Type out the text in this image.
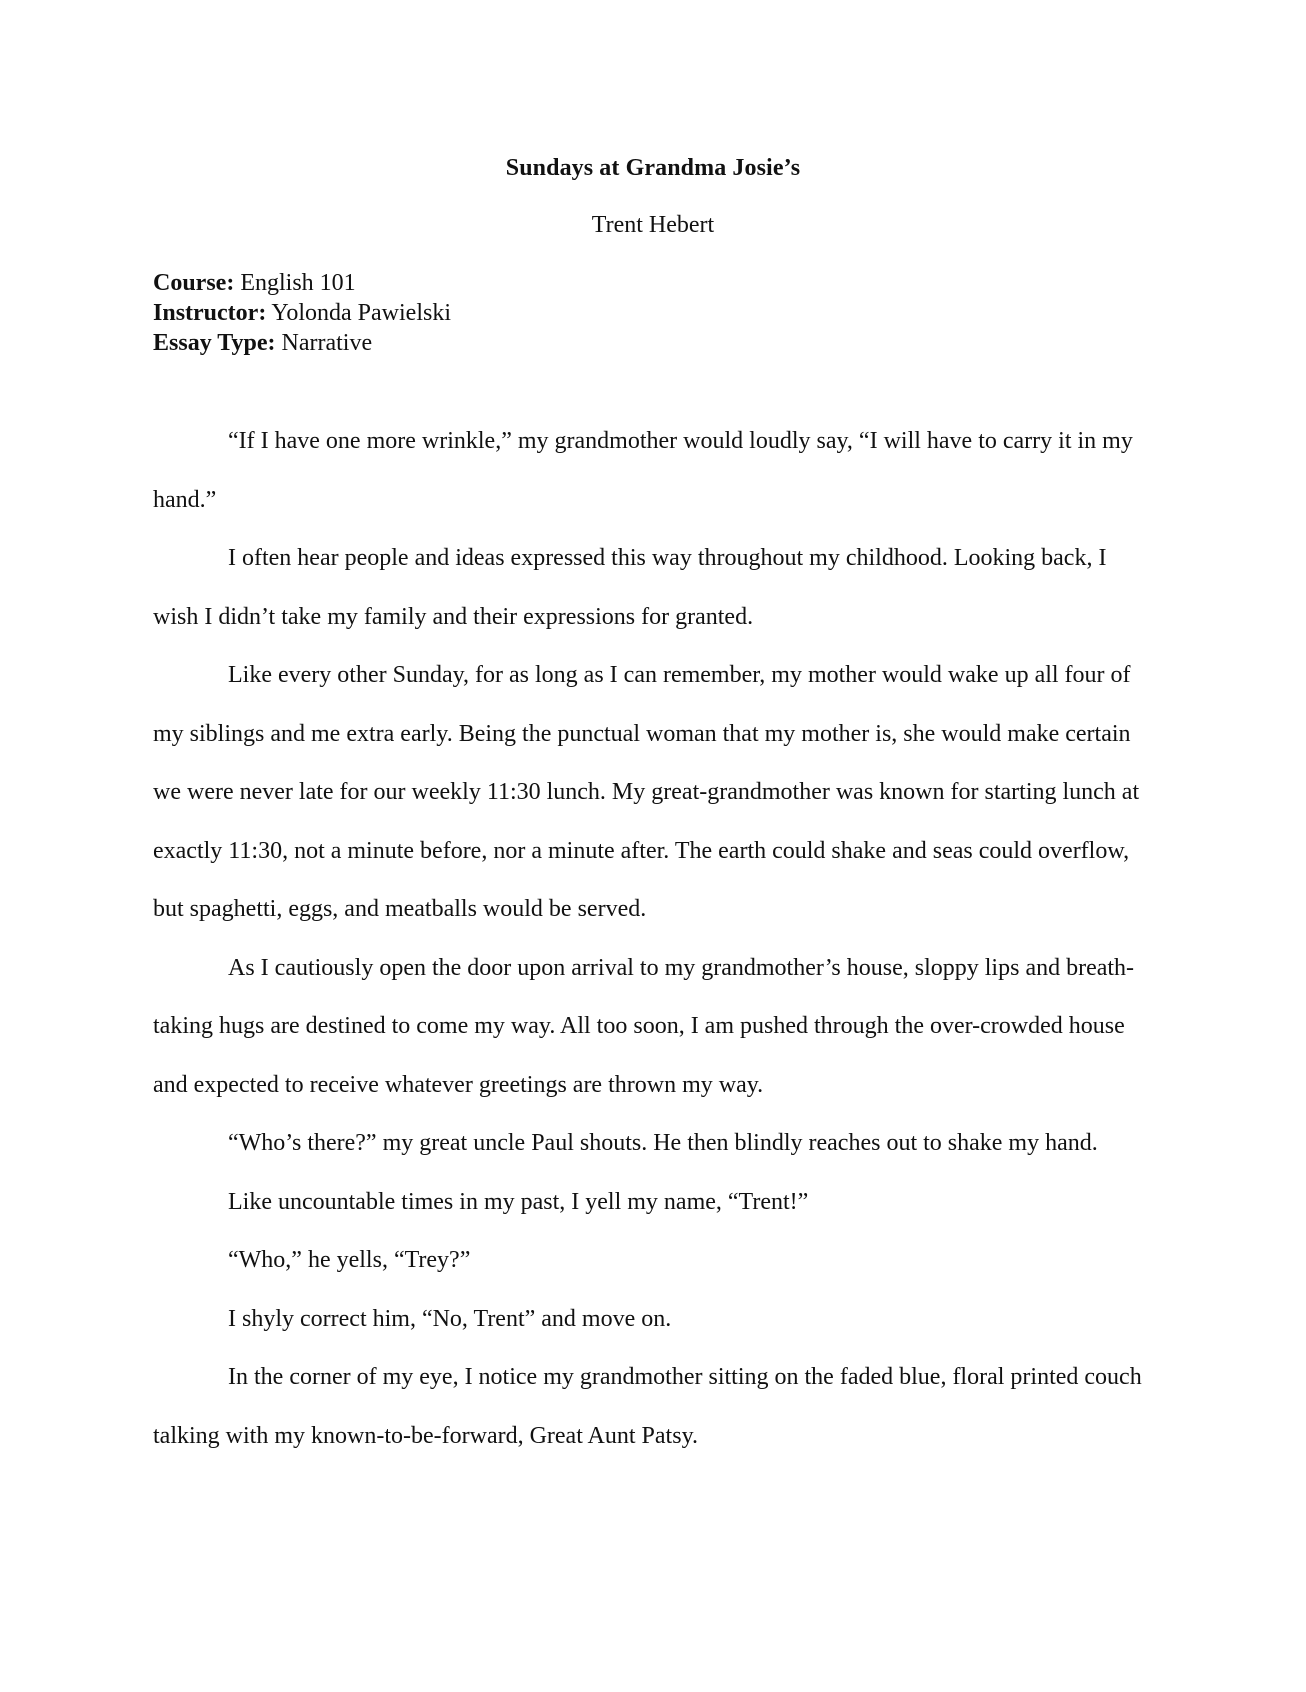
Sundays at Grandma Josie’s
Trent Hebert
Course: English 101
Instructor: Yolonda Pawielski
Essay Type: Narrative

“If I have one more wrinkle,” my grandmother would loudly say, “I will have to carry it in my hand.”

I often hear people and ideas expressed this way throughout my childhood. Looking back, I wish I didn’t take my family and their expressions for granted.

Like every other Sunday, for as long as I can remember, my mother would wake up all four of my siblings and me extra early. Being the punctual woman that my mother is, she would make certain we were never late for our weekly 11:30 lunch. My great-grandmother was known for starting lunch at exactly 11:30, not a minute before, nor a minute after. The earth could shake and seas could overflow, but spaghetti, eggs, and meatballs would be served.

As I cautiously open the door upon arrival to my grandmother’s house, sloppy lips and breath-taking hugs are destined to come my way. All too soon, I am pushed through the over-crowded house and expected to receive whatever greetings are thrown my way.

“Who’s there?” my great uncle Paul shouts. He then blindly reaches out to shake my hand.

Like uncountable times in my past, I yell my name, “Trent!”

“Who,” he yells, “Trey?”

I shyly correct him, “No, Trent” and move on.

In the corner of my eye, I notice my grandmother sitting on the faded blue, floral printed couch talking with my known-to-be-forward, Great Aunt Patsy.
